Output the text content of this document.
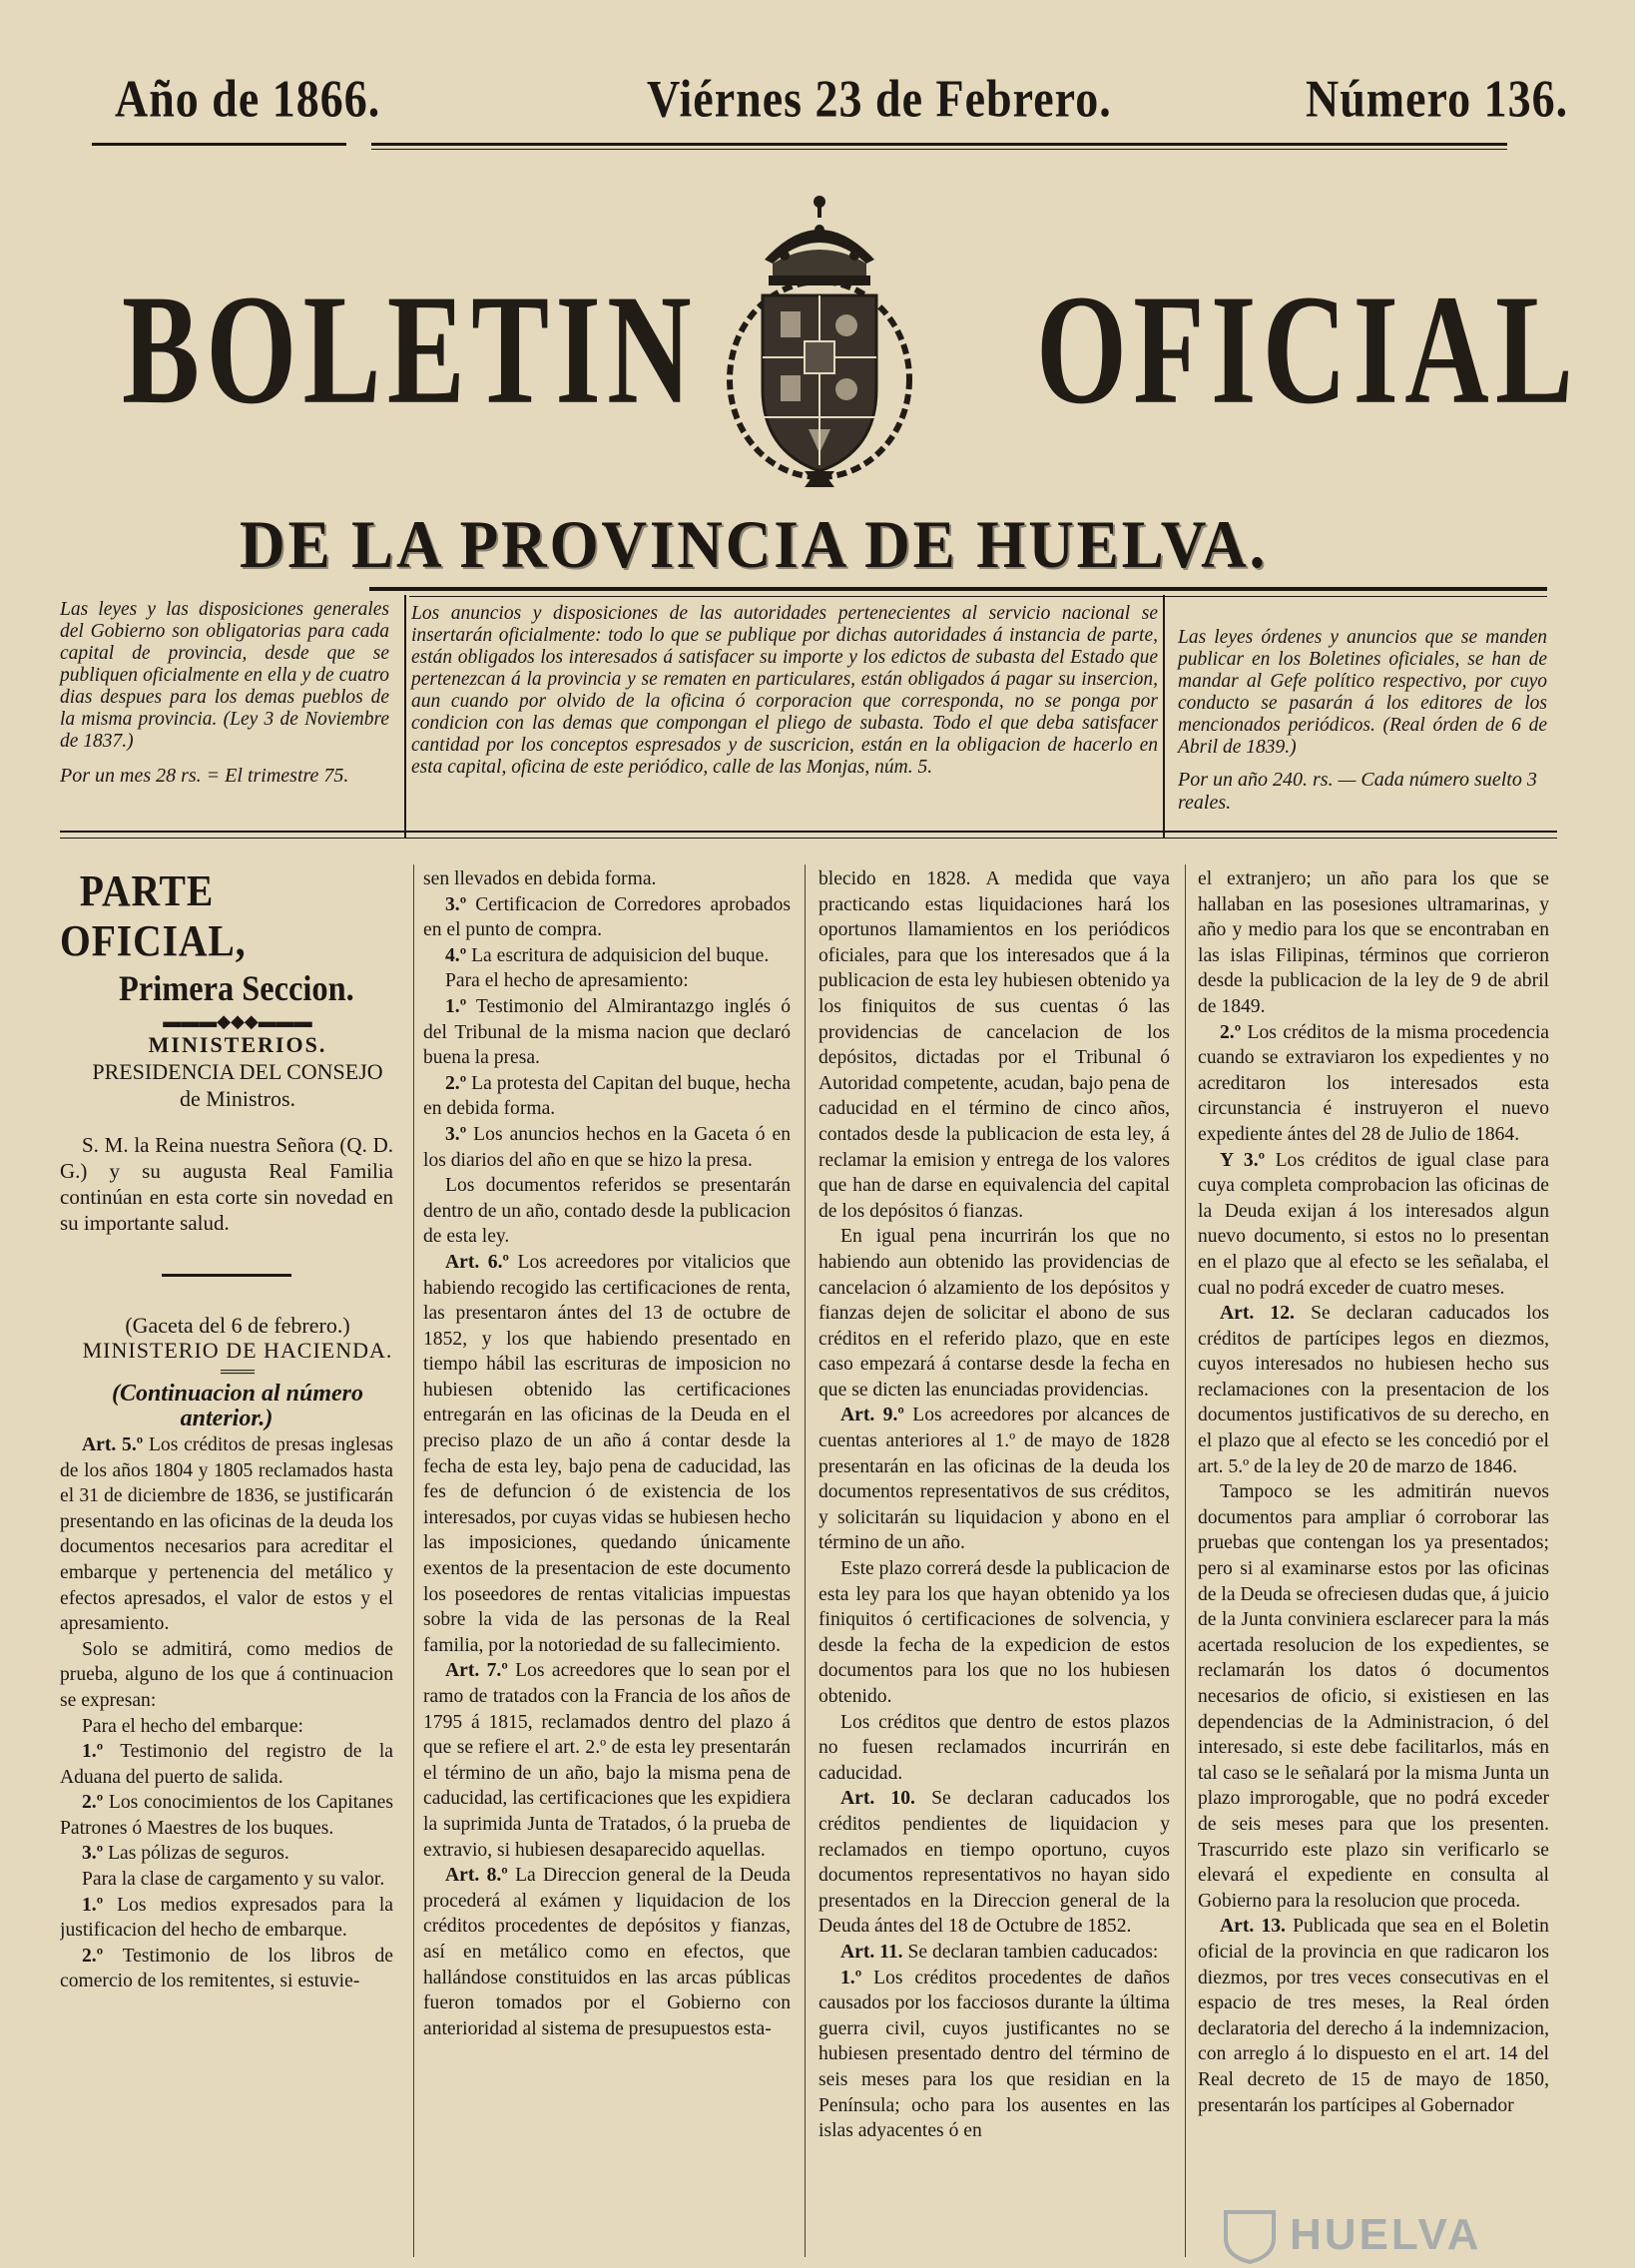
Año de 1866.	Viérnes 23 de Febrero.	Número 136.
BOLETIN OFICIAL
DE LA PROVINCIA DE HUELVA.

Las leyes y las disposiciones generales del Gobierno son obligatorias para cada capital de provincia, desde que se publiquen oficialmente en ella y de cuatro dias despues para los demas pueblos de la misma provincia. (Ley 3 de Noviembre de 1837.)

Por un mes 28 rs. = El trimestre 75.

Los anuncios y disposiciones de las autoridades pertenecientes al servicio nacional se insertarán oficialmente: todo lo que se publique por dichas autoridades á instancia de parte, están obligados los interesados á satisfacer su importe y los edictos de subasta del Estado que pertenezcan á la provincia y se rematen en particulares, están obligados á pagar su insercion, aun cuando por olvido de la oficina ó corporacion que corresponda, no se ponga por condicion con las demas que compongan el pliego de subasta. Todo el que deba satisfacer cantidad por los conceptos espresados y de suscricion, están en la obligacion de hacerlo en esta capital, oficina de este periódico, calle de las Monjas, núm. 5.

Las leyes órdenes y anuncios que se manden publicar en los Boletines oficiales, se han de mandar al Gefe político respectivo, por cuyo conducto se pasarán á los editores de los mencionados periódicos. (Real órden de 6 de Abril de 1839.)

Por un año 240. rs. — Cada número suelto 3 reales.

PARTE OFICIAL,

Primera Seccion.

▬▬▬◆◆◆▬▬▬

MINISTERIOS.

PRESIDENCIA DEL CONSEJO

de Ministros.

S. M. la Reina nuestra Señora (Q. D. G.) y su augusta Real Familia continúan en esta corte sin novedad en su importante salud.

(Gaceta del 6 de febrero.)

MINISTERIO DE HACIENDA.

═══

(Continuacion al número anterior.)

Art. 5.º Los créditos de presas inglesas de los años 1804 y 1805 reclamados hasta el 31 de diciembre de 1836, se justificarán presentando en las oficinas de la deuda los documentos necesarios para acreditar el embarque y pertenencia del metálico y efectos apresados, el valor de estos y el apresamiento.

Solo se admitirá, como medios de prueba, alguno de los que á continuacion se expresan:

Para el hecho del embarque:

1.º Testimonio del registro de la Aduana del puerto de salida.

2.º Los conocimientos de los Capitanes Patrones ó Maestres de los buques.

3.º Las pólizas de seguros.

Para la clase de cargamento y su valor.

1.º Los medios expresados para la justificacion del hecho de embarque.

2.º Testimonio de los libros de comercio de los remitentes, si estuvie-

sen llevados en debida forma.

3.º Certificacion de Corredores aprobados en el punto de compra.

4.º La escritura de adquisicion del buque.

Para el hecho de apresamiento:

1.º Testimonio del Almirantazgo inglés ó del Tribunal de la misma nacion que declaró buena la presa.

2.º La protesta del Capitan del buque, hecha en debida forma.

3.º Los anuncios hechos en la Gaceta ó en los diarios del año en que se hizo la presa.

Los documentos referidos se presentarán dentro de un año, contado desde la publicacion de esta ley.

Art. 6.º Los acreedores por vitalicios que habiendo recogido las certificaciones de renta, las presentaron ántes del 13 de octubre de 1852, y los que habiendo presentado en tiempo hábil las escrituras de imposicion no hubiesen obtenido las certificaciones entregarán en las oficinas de la Deuda en el preciso plazo de un año á contar desde la fecha de esta ley, bajo pena de caducidad, las fes de defuncion ó de existencia de los interesados, por cuyas vidas se hubiesen hecho las imposiciones, quedando únicamente exentos de la presentacion de este documento los poseedores de rentas vitalicias impuestas sobre la vida de las personas de la Real familia, por la notoriedad de su fallecimiento.

Art. 7.º Los acreedores que lo sean por el ramo de tratados con la Francia de los años de 1795 á 1815, reclamados dentro del plazo á que se refiere el art. 2.º de esta ley presentarán el término de un año, bajo la misma pena de caducidad, las certificaciones que les expidiera la suprimida Junta de Tratados, ó la prueba de extravio, si hubiesen desaparecido aquellas.

Art. 8.º La Direccion general de la Deuda procederá al exámen y liquidacion de los créditos procedentes de depósitos y fianzas, así en metálico como en efectos, que hallándose constituidos en las arcas públicas fueron tomados por el Gobierno con anterioridad al sistema de presupuestos esta-

blecido en 1828. A medida que vaya practicando estas liquidaciones hará los oportunos llamamientos en los periódicos oficiales, para que los interesados que á la publicacion de esta ley hubiesen obtenido ya los finiquitos de sus cuentas ó las providencias de cancelacion de los depósitos, dictadas por el Tribunal ó Autoridad competente, acudan, bajo pena de caducidad en el término de cinco años, contados desde la publicacion de esta ley, á reclamar la emision y entrega de los valores que han de darse en equivalencia del capital de los depósitos ó fianzas.

En igual pena incurrirán los que no habiendo aun obtenido las providencias de cancelacion ó alzamiento de los depósitos y fianzas dejen de solicitar el abono de sus créditos en el referido plazo, que en este caso empezará á contarse desde la fecha en que se dicten las enunciadas providencias.

Art. 9.º Los acreedores por alcances de cuentas anteriores al 1.º de mayo de 1828 presentarán en las oficinas de la deuda los documentos representativos de sus créditos, y solicitarán su liquidacion y abono en el término de un año.

Este plazo correrá desde la publicacion de esta ley para los que hayan obtenido ya los finiquitos ó certificaciones de solvencia, y desde la fecha de la expedicion de estos documentos para los que no los hubiesen obtenido.

Los créditos que dentro de estos plazos no fuesen reclamados incurrirán en caducidad.

Art. 10. Se declaran caducados los créditos pendientes de liquidacion y reclamados en tiempo oportuno, cuyos documentos representativos no hayan sido presentados en la Direccion general de la Deuda ántes del 18 de Octubre de 1852.

Art. 11. Se declaran tambien caducados:

1.º Los créditos procedentes de daños causados por los facciosos durante la última guerra civil, cuyos justificantes no se hubiesen presentado dentro del término de seis meses para los que residian en la Península; ocho para los ausentes en las islas adyacentes ó en

el extranjero; un año para los que se hallaban en las posesiones ultramarinas, y año y medio para los que se encontraban en las islas Filipinas, términos que corrieron desde la publicacion de la ley de 9 de abril de 1849.

2.º Los créditos de la misma procedencia cuando se extraviaron los expedientes y no acreditaron los interesados esta circunstancia é instruyeron el nuevo expediente ántes del 28 de Julio de 1864.

Y 3.º Los créditos de igual clase para cuya completa comprobacion las oficinas de la Deuda exijan á los interesados algun nuevo documento, si estos no lo presentan en el plazo que al efecto se les señalaba, el cual no podrá exceder de cuatro meses.

Art. 12. Se declaran caducados los créditos de partícipes legos en diezmos, cuyos interesados no hubiesen hecho sus reclamaciones con la presentacion de los documentos justificativos de su derecho, en el plazo que al efecto se les concedió por el art. 5.º de la ley de 20 de marzo de 1846.

Tampoco se les admitirán nuevos documentos para ampliar ó corroborar las pruebas que contengan los ya presentados; pero si al examinarse estos por las oficinas de la Deuda se ofreciesen dudas que, á juicio de la Junta conviniera esclarecer para la más acertada resolucion de los expedientes, se reclamarán los datos ó documentos necesarios de oficio, si existiesen en las dependencias de la Administracion, ó del interesado, si este debe facilitarlos, más en tal caso se le señalará por la misma Junta un plazo improrogable, que no podrá exceder de seis meses para que los presenten. Trascurrido este plazo sin verificarlo se elevará el expediente en consulta al Gobierno para la resolucion que proceda.

Art. 13. Publicada que sea en el Boletin oficial de la provincia en que radicaron los diezmos, por tres veces consecutivas en el espacio de tres meses, la Real órden declaratoria del derecho á la indemnizacion, con arreglo á lo dispuesto en el art. 14 del Real decreto de 15 de mayo de 1850, presentarán los partícipes al Gobernador

HUELVA
